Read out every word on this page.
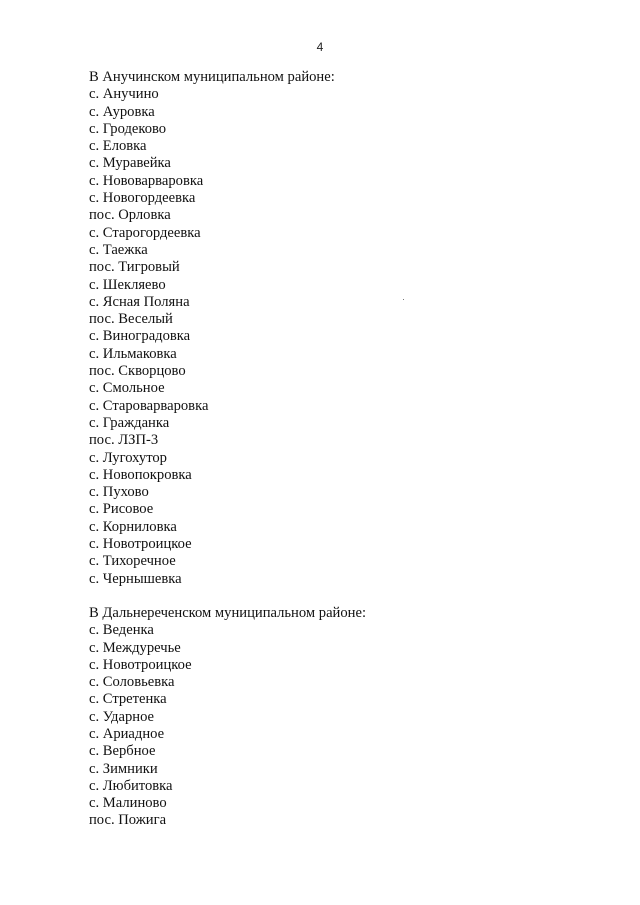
4
В Анучинском муниципальном районе:
с. Анучино
с. Ауровка
с. Гродеково
с. Еловка
с. Муравейка
с. Нововарваровка
с. Новогордеевка
пос. Орловка
с. Старогордеевка
с. Таежка
пос. Тигровый
с. Шекляево
с. Ясная Поляна
пос. Веселый
с. Виноградовка
с. Ильмаковка
пос. Скворцово
с. Смольное
с. Староварваровка
с. Гражданка
пос. ЛЗП-3
с. Лугохутор
с. Новопокровка
с. Пухово
с. Рисовое
с. Корниловка
с. Новотроицкое
с. Тихоречное
с. Чернышевка
В Дальнереченском муниципальном районе:
с. Веденка
с. Междуречье
с. Новотроицкое
с. Соловьевка
с. Стретенка
с. Ударное
с. Ариадное
с. Вербное
с. Зимники
с. Любитовка
с. Малиново
пос. Пожига
